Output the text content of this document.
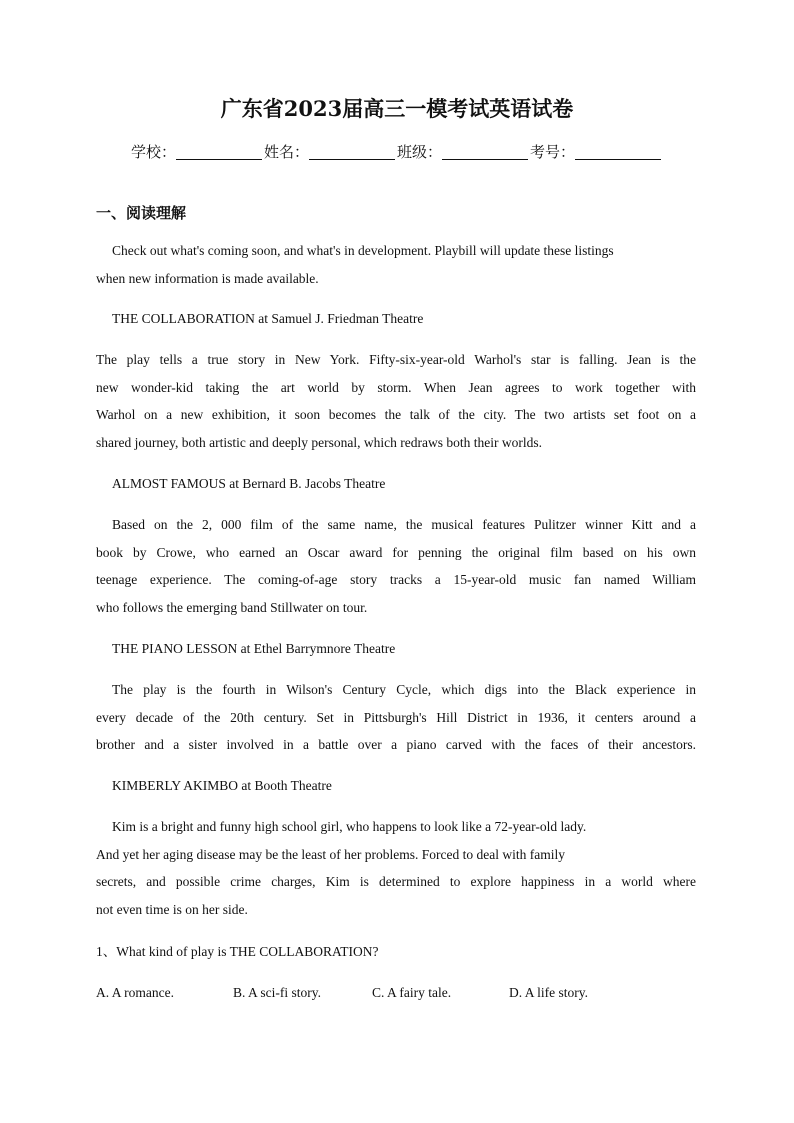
广东省2023届高三一模考试英语试卷
学校：	姓名：	班级：	考号：
一、阅读理解

Check out what's coming soon, and what's in development. Playbill will update these listings

when new information is made available.

THE COLLABORATION at Samuel J. Friedman Theatre

The play tells a true story in New York. Fifty-six-year-old Warhol's star is falling. Jean is the

new wonder-kid taking the art world by storm. When Jean agrees to work together with

Warhol on a new exhibition, it soon becomes the talk of the city. The two artists set foot on a

shared journey, both artistic and deeply personal, which redraws both their worlds.

ALMOST FAMOUS at Bernard B. Jacobs Theatre

Based on the 2, 000 film of the same name, the musical features Pulitzer winner Kitt and a

book by Crowe, who earned an Oscar award for penning the original film based on his own

teenage experience. The coming-of-age story tracks a 15-year-old music fan named William

who follows the emerging band Stillwater on tour.

THE PIANO LESSON at Ethel Barrymnore Theatre

The play is the fourth in Wilson's Century Cycle, which digs into the Black experience in

every decade of the 20th century. Set in Pittsburgh's Hill District in 1936, it centers around a

brother and a sister involved in a battle over a piano carved with the faces of their ancestors.

KIMBERLY AKIMBO at Booth Theatre

Kim is a bright and funny high school girl, who happens to look like a 72-year-old lady.

And yet her aging disease may be the least of her problems. Forced to deal with family

secrets, and possible crime charges, Kim is determined to explore happiness in a world where

not even time is on her side.

1、What kind of play is THE COLLABORATION?
A. A romance.	B. A sci-fi story.	C. A fairy tale.	D. A life story.
